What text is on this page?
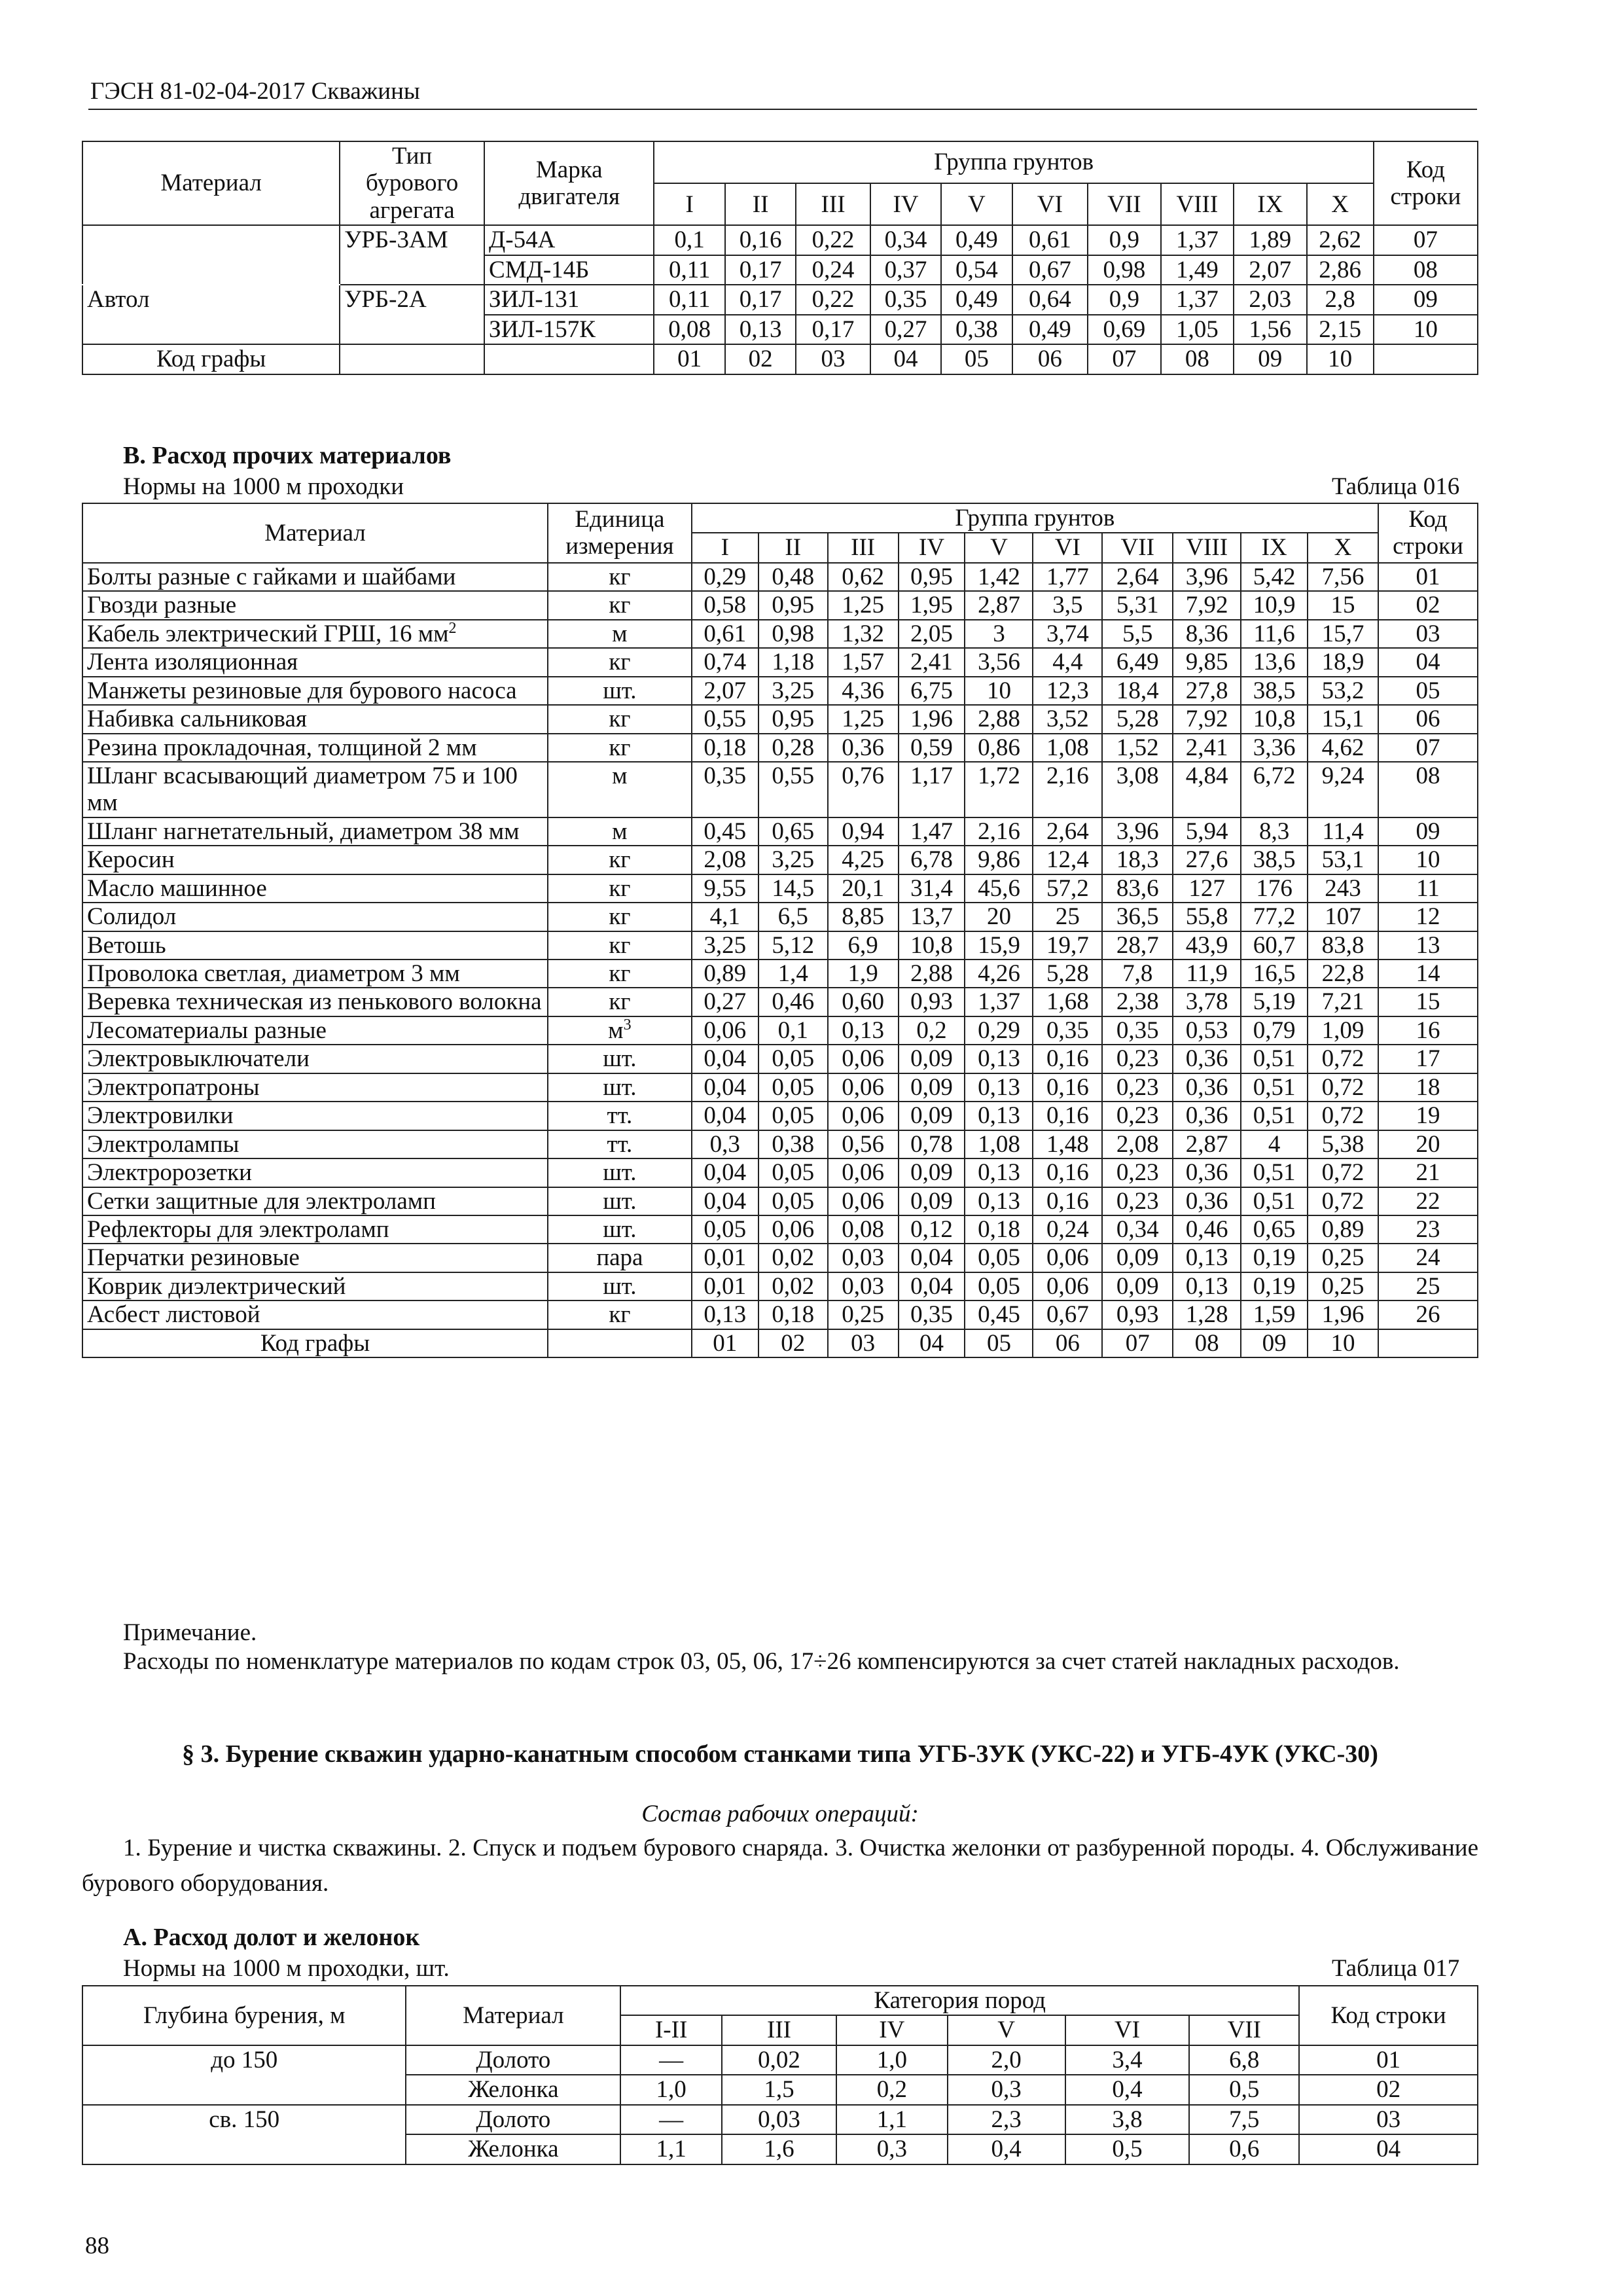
ГЭСН 81-02-04-2017 Скважины
Материал	Тип бурового агрегата	Марка двигателя	Группа грунтов										Код строки
			I	II	III	IV	V	VI	VII	VIII	IX	X	
	УРБ-3АМ	Д-54А	0,1	0,16	0,22	0,34	0,49	0,61	0,9	1,37	1,89	2,62	07
		СМД-14Б	0,11	0,17	0,24	0,37	0,54	0,67	0,98	1,49	2,07	2,86	08
Автол	УРБ-2А	ЗИЛ-131	0,11	0,17	0,22	0,35	0,49	0,64	0,9	1,37	2,03	2,8	09
		ЗИЛ-157К	0,08	0,13	0,17	0,27	0,38	0,49	0,69	1,05	1,56	2,15	10
Код графы			01	02	03	04	05	06	07	08	09	10	
В. Расход прочих материалов
Нормы на 1000 м проходки	Таблица 016
Материал	Единица измерения	Группа грунтов										Код строки
		I	II	III	IV	V	VI	VII	VIII	IX	X	
Болты разные с гайками и шайбами	кг	0,29	0,48	0,62	0,95	1,42	1,77	2,64	3,96	5,42	7,56	01
Гвозди разные	кг	0,58	0,95	1,25	1,95	2,87	3,5	5,31	7,92	10,9	15	02
Кабель электрический ГРШ, 16 $мм^2$	м	0,61	0,98	1,32	2,05	3	3,74	5,5	8,36	11,6	15,7	03
Лента изоляционная	кг	0,74	1,18	1,57	2,41	3,56	4,4	6,49	9,85	13,6	18,9	04
Манжеты резиновые для бурового насоса	шт.	2,07	3,25	4,36	6,75	10	12,3	18,4	27,8	38,5	53,2	05
Набивка сальниковая	кг	0,55	0,95	1,25	1,96	2,88	3,52	5,28	7,92	10,8	15,1	06
Резина прокладочная, толщиной 2 мм	кг	0,18	0,28	0,36	0,59	0,86	1,08	1,52	2,41	3,36	4,62	07
Шланг всасывающий диаметром 75 и 100 мм	м	0,35	0,55	0,76	1,17	1,72	2,16	3,08	4,84	6,72	9,24	08
Шланг нагнетательный, диаметром 38 мм	м	0,45	0,65	0,94	1,47	2,16	2,64	3,96	5,94	8,3	11,4	09
Керосин	кг	2,08	3,25	4,25	6,78	9,86	12,4	18,3	27,6	38,5	53,1	10
Масло машинное	кг	9,55	14,5	20,1	31,4	45,6	57,2	83,6	127	176	243	11
Солидол	кг	4,1	6,5	8,85	13,7	20	25	36,5	55,8	77,2	107	12
Ветошь	кг	3,25	5,12	6,9	10,8	15,9	19,7	28,7	43,9	60,7	83,8	13
Проволока светлая, диаметром 3 мм	кг	0,89	1,4	1,9	2,88	4,26	5,28	7,8	11,9	16,5	22,8	14
Веревка техническая из пенькового волокна	кг	0,27	0,46	0,60	0,93	1,37	1,68	2,38	3,78	5,19	7,21	15
Лесоматериалы разные	$м^3$	0,06	0,1	0,13	0,2	0,29	0,35	0,35	0,53	0,79	1,09	16
Электровыключатели	шт.	0,04	0,05	0,06	0,09	0,13	0,16	0,23	0,36	0,51	0,72	17
Электропатроны	шт.	0,04	0,05	0,06	0,09	0,13	0,16	0,23	0,36	0,51	0,72	18
Электровилки	тт.	0,04	0,05	0,06	0,09	0,13	0,16	0,23	0,36	0,51	0,72	19
Электролампы	тт.	0,3	0,38	0,56	0,78	1,08	1,48	2,08	2,87	4	5,38	20
Электророзетки	шт.	0,04	0,05	0,06	0,09	0,13	0,16	0,23	0,36	0,51	0,72	21
Сетки защитные для электроламп	шт.	0,04	0,05	0,06	0,09	0,13	0,16	0,23	0,36	0,51	0,72	22
Рефлекторы для электроламп	шт.	0,05	0,06	0,08	0,12	0,18	0,24	0,34	0,46	0,65	0,89	23
Перчатки резиновые	пара	0,01	0,02	0,03	0,04	0,05	0,06	0,09	0,13	0,19	0,25	24
Коврик диэлектрический	шт.	0,01	0,02	0,03	0,04	0,05	0,06	0,09	0,13	0,19	0,25	25
Асбест листовой	кг	0,13	0,18	0,25	0,35	0,45	0,67	0,93	1,28	1,59	1,96	26
Код графы		01	02	03	04	05	06	07	08	09	10	
Примечание.
Расходы по номенклатуре материалов по кодам строк 03, 05, 06, 17÷26 компенсируются за счет статей накладных расходов.
§ 3. Бурение скважин ударно-канатным способом станками типа УГБ-3УК (УКС-22) и УГБ-4УК (УКС-30)
Состав рабочих операций:
1. Бурение и чистка скважины. 2. Спуск и подъем бурового снаряда. 3. Очистка желонки от разбуренной породы. 4. Обслуживание бурового оборудования.
А. Расход долот и желонок
Нормы на 1000 м проходки, шт.	Таблица 017
Глубина бурения, м	Материал	Категория пород						Код строки
		I-II	III	IV	V	VI	VII	
до 150	Долото	—	0,02	1,0	2,0	3,4	6,8	01
	Желонка	1,0	1,5	0,2	0,3	0,4	0,5	02
св. 150	Долото	—	0,03	1,1	2,3	3,8	7,5	03
	Желонка	1,1	1,6	0,3	0,4	0,5	0,6	04
88
